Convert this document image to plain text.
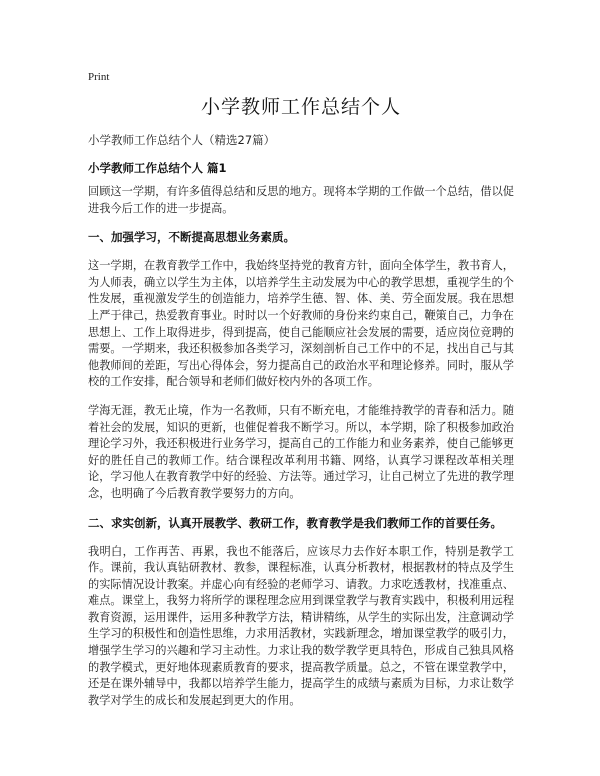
Print
小学教师工作总结个人

小学教师工作总结个人（精选27篇）

小学教师工作总结个人 篇1

回顾这一学期，有许多值得总结和反思的地方。现将本学期的工作做一个总结，借以促进我今后工作的进一步提高。

一、加强学习，不断提高思想业务素质。

这一学期，在教育教学工作中，我始终坚持党的教育方针，面向全体学生，教书育人，为人师表，确立以学生为主体，以培养学生主动发展为中心的教学思想，重视学生的个性发展，重视激发学生的创造能力，培养学生德、智、体、美、劳全面发展。我在思想上严于律己，热爱教育事业。时时以一个好教师的身份来约束自己，鞭策自己，力争在思想上、工作上取得进步，得到提高，使自己能顺应社会发展的需要，适应岗位竞聘的需要。一学期来，我还积极参加各类学习，深刻剖析自己工作中的不足，找出自己与其他教师间的差距，写出心得体会，努力提高自己的政治水平和理论修养。同时，服从学校的工作安排，配合领导和老师们做好校内外的各项工作。

学海无涯，教无止境，作为一名教师，只有不断充电，才能维持教学的青春和活力。随着社会的发展，知识的更新，也催促着我不断学习。所以，本学期，除了积极参加政治理论学习外，我还积极进行业务学习，提高自己的工作能力和业务素养，使自己能够更好的胜任自己的教师工作。结合课程改革利用书籍、网络，认真学习课程改革相关理论，学习他人在教育教学中好的经验、方法等。通过学习，让自己树立了先进的教学理念，也明确了今后教育教学要努力的方向。

二、求实创新，认真开展教学、教研工作，教育教学是我们教师工作的首要任务。

我明白，工作再苦、再累，我也不能落后，应该尽力去作好本职工作，特别是教学工作。课前，我认真钻研教材、教参，课程标准，认真分析教材，根据教材的特点及学生的实际情况设计教案。并虚心向有经验的老师学习、请教。力求吃透教材，找准重点、难点。课堂上，我努力将所学的课程理念应用到课堂教学与教育实践中，积极利用远程教育资源，运用课件，运用多种教学方法，精讲精练，从学生的实际出发，注意调动学生学习的积极性和创造性思维，力求用活教材，实践新理念，增加课堂教学的吸引力，增强学生学习的兴趣和学习主动性。力求让我的数学教学更具特色，形成自己独具风格的教学模式，更好地体现素质教育的要求，提高教学质量。总之，不管在课堂教学中，还是在课外辅导中，我都以培养学生能力，提高学生的成绩与素质为目标，力求让数学教学对学生的成长和发展起到更大的作用。
